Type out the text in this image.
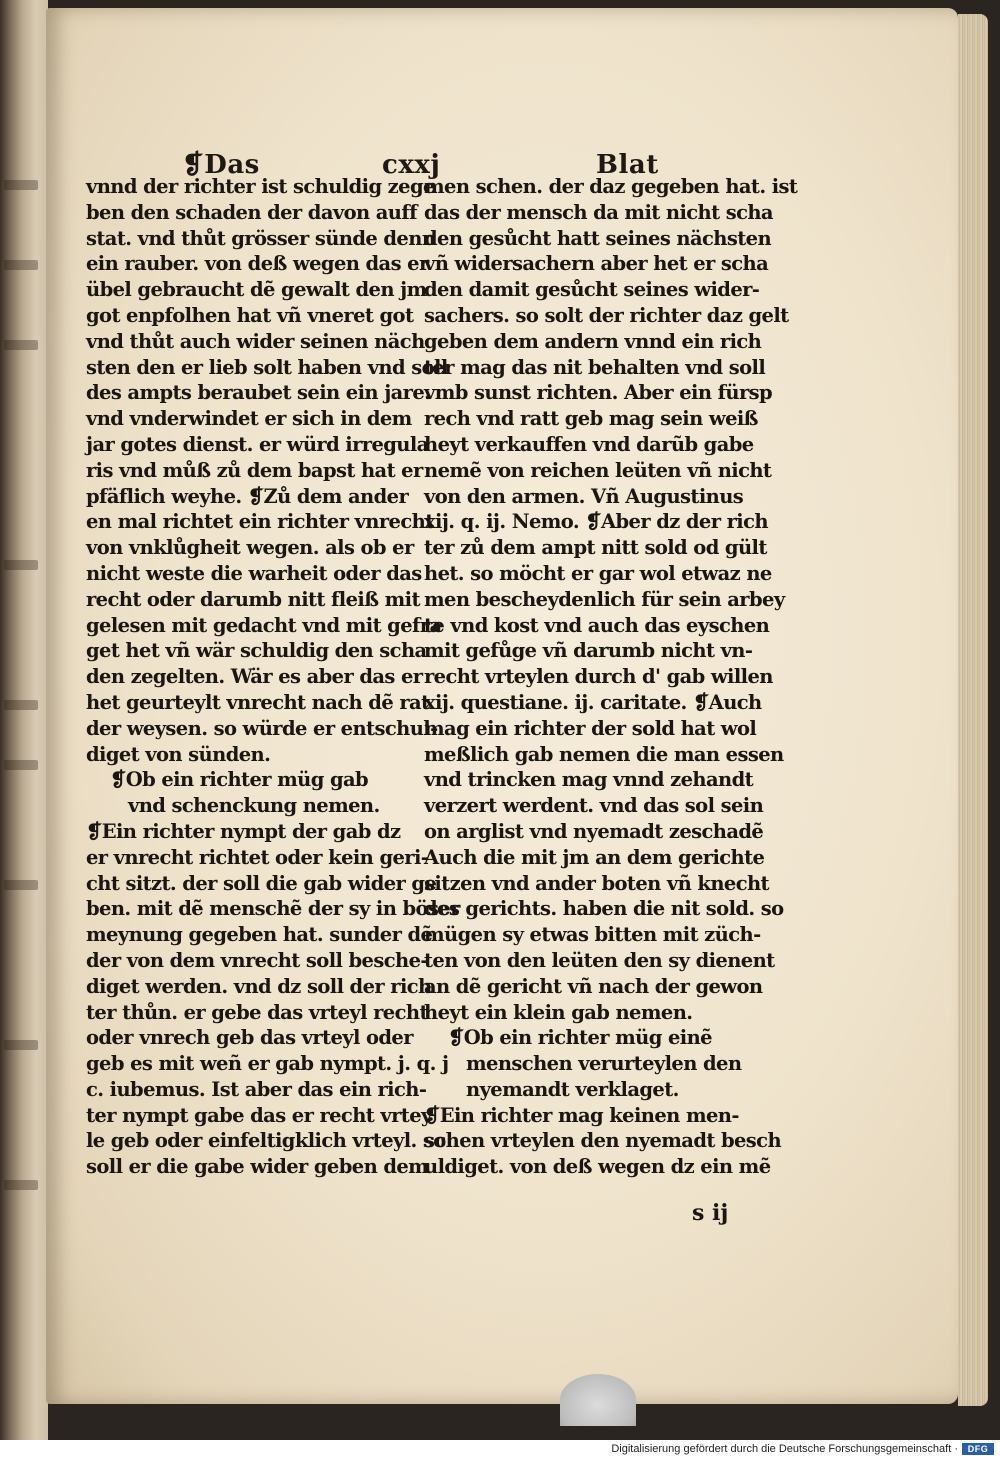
❡Das	cxxj	Blat
vnnd der richter ist schuldig zege
ben den schaden der davon auff
stat. vnd thůt grösser sünde denn
ein rauber. von deß wegen das er
übel gebraucht dẽ gewalt den jm
got enpfolhen hat vñ vneret got
vnd thůt auch wider seinen näch
sten den er lieb solt haben vnd soll
des ampts beraubet sein ein jare.
vnd vnderwindet er sich in dem
jar gotes dienst. er würd irregula
ris vnd můß zů dem bapst hat er
pfäflich weyhe. ❡Zů dem ander
en mal richtet ein richter vnrecht
von vnklůgheit wegen. als ob er
nicht weste die warheit oder das
recht oder darumb nitt fleiß mit
gelesen mit gedacht vnd mit gefra
get het vñ wär schuldig den scha
den zegelten. Wär es aber das er
het geurteylt vnrecht nach dẽ rat
der weysen. so würde er entschul-
diget von sünden.
❡Ob ein richter müg gab
vnd schenckung nemen.
❡Ein richter nympt der gab dz
er vnrecht richtet oder kein geri-
cht sitzt. der soll die gab wider ge
ben. mit dẽ menschẽ der sy in böser
meynung gegeben hat. sunder dẽ
der von dem vnrecht soll besche-
diget werden. vnd dz soll der rich
ter thůn. er gebe das vrteyl recht
oder vnrech geb das vrteyl oder
geb es mit weñ er gab nympt. j. q. j
c. iubemus. Ist aber das ein rich-
ter nympt gabe das er recht vrtey
le geb oder einfeltigklich vrteyl. so
soll er die gabe wider geben dem
men schen. der daz gegeben hat. ist
das der mensch da mit nicht scha
den gesůcht hatt seines nächsten
vñ widersachern aber het er scha
den damit gesůcht seines wider-
sachers. so solt der richter daz gelt
geben dem andern vnnd ein rich
ter mag das nit behalten vnd soll
vmb sunst richten. Aber ein fürsp
rech vnd ratt geb mag sein weiß
heyt verkauffen vnd darũb gabe
nemẽ von reichen leüten vñ nicht
von den armen. Vñ Augustinus
xij. q. ij. Nemo. ❡Aber dz der rich
ter zů dem ampt nitt sold od gült
het. so möcht er gar wol etwaz ne
men bescheydenlich für sein arbey
te vnd kost vnd auch das eyschen
mit gefůge vñ darumb nicht vn-
recht vrteylen durch d' gab willen
xij. questiane. ij. caritate. ❡Auch
mag ein richter der sold hat wol
meßlich gab nemen die man essen
vnd trincken mag vnnd zehandt
verzert werdent. vnd das sol sein
on arglist vnd nyemadt zeschadẽ
Auch die mit jm an dem gerichte
sitzen vnd ander boten vñ knecht
des gerichts. haben die nit sold. so
mügen sy etwas bitten mit züch-
ten von den leüten den sy dienent
an dẽ gericht vñ nach der gewon
heyt ein klein gab nemen.
❡Ob ein richter müg einẽ
menschen verurteylen den
nyemandt verklaget.
❡Ein richter mag keinen men-
schen vrteylen den nyemadt besch
uldiget. von deß wegen dz ein mẽ
s ij
Digitalisierung gefördert durch die Deutsche Forschungsgemeinschaft ·	DFG
